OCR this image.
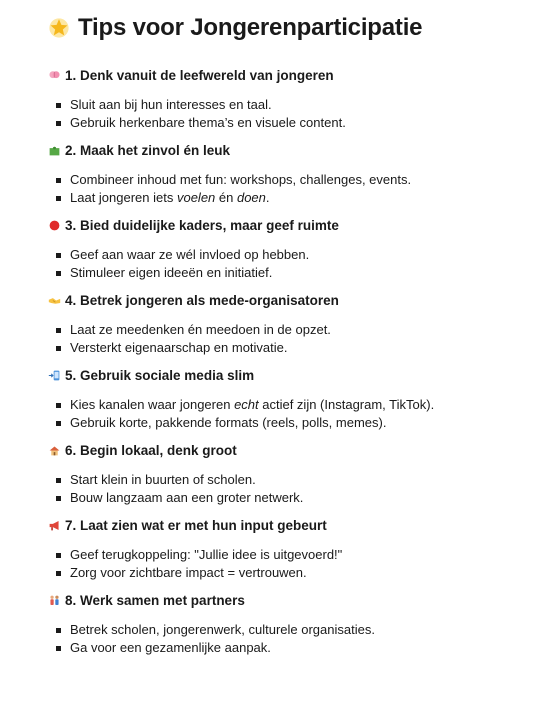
Tips voor Jongerenparticipatie
1. Denk vanuit de leefwereld van jongeren
Sluit aan bij hun interesses en taal.
Gebruik herkenbare thema’s en visuele content.
2. Maak het zinvol én leuk
Combineer inhoud met fun: workshops, challenges, events.
Laat jongeren iets voelen én doen.
3. Bied duidelijke kaders, maar geef ruimte
Geef aan waar ze wél invloed op hebben.
Stimuleer eigen ideeën en initiatief.
4. Betrek jongeren als mede-organisatoren
Laat ze meedenken én meedoen in de opzet.
Versterkt eigenaarschap en motivatie.
5. Gebruik sociale media slim
Kies kanalen waar jongeren echt actief zijn (Instagram, TikTok).
Gebruik korte, pakkende formats (reels, polls, memes).
6. Begin lokaal, denk groot
Start klein in buurten of scholen.
Bouw langzaam aan een groter netwerk.
7. Laat zien wat er met hun input gebeurt
Geef terugkoppeling: "Jullie idee is uitgevoerd!"
Zorg voor zichtbare impact = vertrouwen.
8. Werk samen met partners
Betrek scholen, jongerenwerk, culturele organisaties.
Ga voor een gezamenlijke aanpak.
